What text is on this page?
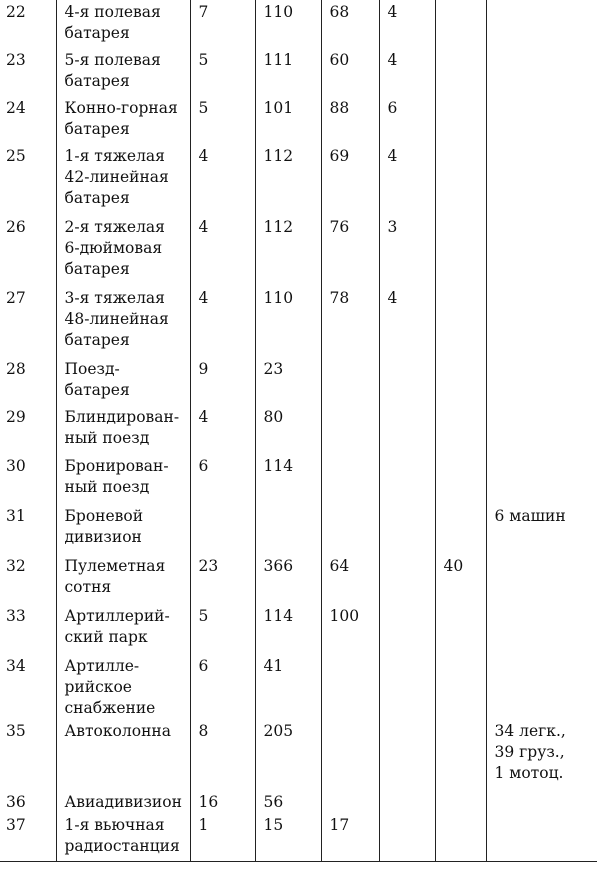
22	4-я полевая
батарея	7	110	68	4		

23	5-я полевая
батарея	5	111	60	4		

24	Конно-горная
батарея	5	101	88	6		

25	1-я тяжелая
42-линейная
батарея	4	112	69	4		

26	2-я тяжелая
6-дюймовая
батарея	4	112	76	3		

27	3-я тяжелая
48-линейная
батарея	4	110	78	4		

28	Поезд-
батарея	9	23				

29	Блиндирован-
ный поезд	4	80				

30	Бронирован-
ный поезд	6	114				

31	Броневой
дивизион						6 машин

32	Пулеметная
сотня	23	366	64		40	

33	Артиллерий-
ский парк	5	114	100			

34	Артилле-
рийское
снабжение	6	41				

35	Автоколонна	8	205				34 легк.,
39 груз.,
1 мотоц.

36	Авиадивизион	16	56				

37	1-я вьючная
радиостанция	1	15	17			
